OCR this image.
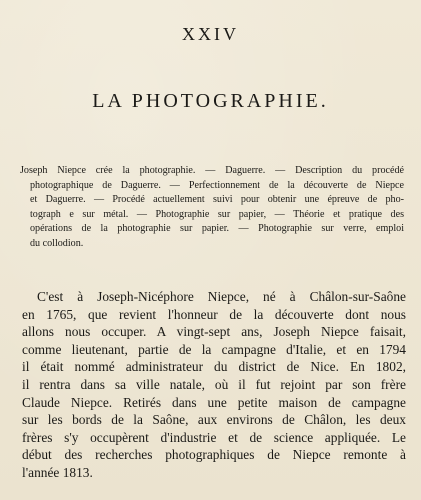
XXIV
LA PHOTOGRAPHIE.
Joseph Niepce crée la photographie. — Daguerre. — Description du procédé
photographique de Daguerre. — Perfectionnement de la découverte de Niepce
et Daguerre. — Procédé actuellement suivi pour obtenir une épreuve de pho-
tograph e sur métal. — Photographie sur papier, — Théorie et pratique des
opérations de la photographie sur papier. — Photographie sur verre, emploi
du collodion.
C'est à Joseph-Nicéphore Niepce, né à Châlon-sur-Saône
en 1765, que revient l'honneur de la découverte dont nous
allons nous occuper. A vingt-sept ans, Joseph Niepce faisait,
comme lieutenant, partie de la campagne d'Italie, et en 1794
il était nommé administrateur du district de Nice. En 1802,
il rentra dans sa ville natale, où il fut rejoint par son frère
Claude Niepce. Retirés dans une petite maison de campagne
sur les bords de la Saône, aux environs de Châlon, les deux
frères s'y occupèrent d'industrie et de science appliquée. Le
début des recherches photographiques de Niepce remonte à
l'année 1813.
